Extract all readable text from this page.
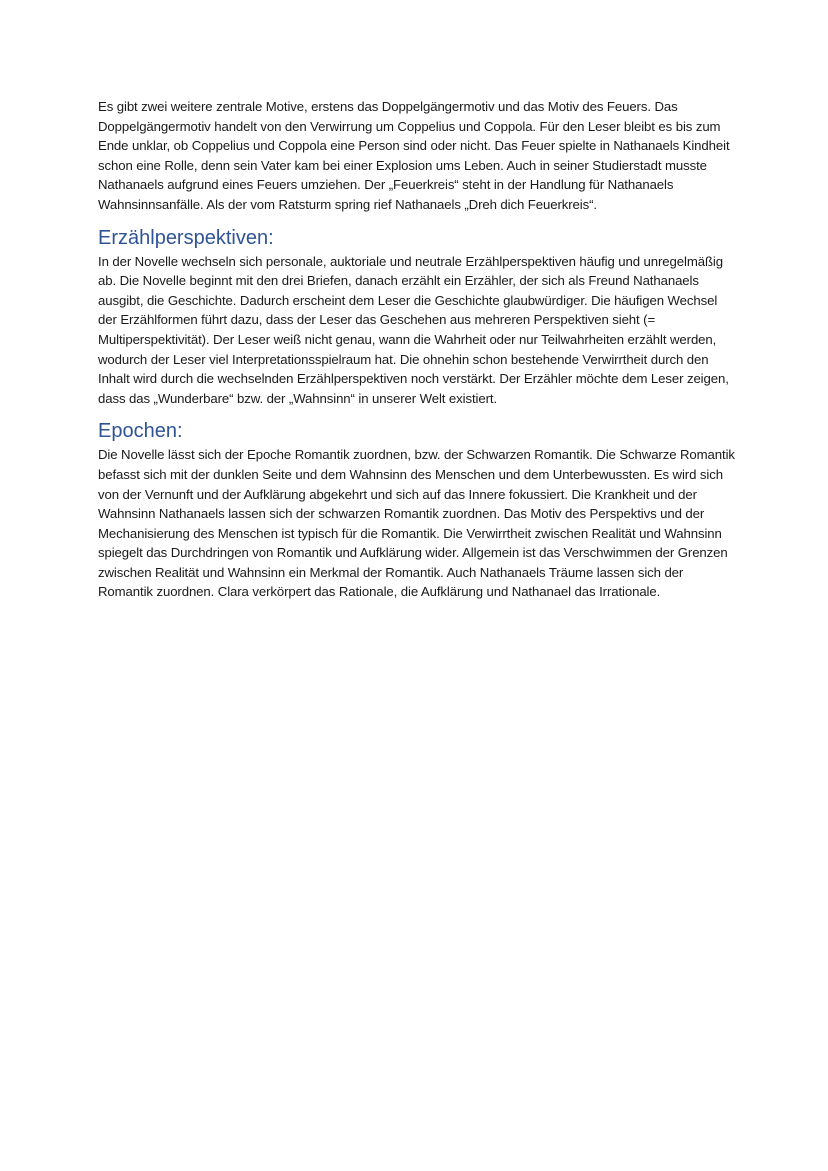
Es gibt zwei weitere zentrale Motive, erstens das Doppelgängermotiv und das Motiv des Feuers. Das Doppelgängermotiv handelt von den Verwirrung um Coppelius und Coppola. Für den Leser bleibt es bis zum Ende unklar, ob Coppelius und Coppola eine Person sind oder nicht. Das Feuer spielte in Nathanaels Kindheit schon eine Rolle, denn sein Vater kam bei einer Explosion ums Leben. Auch in seiner Studierstadt musste Nathanaels aufgrund eines Feuers umziehen. Der „Feuerkreis“ steht in der Handlung für Nathanaels Wahnsinnsanfälle. Als der vom Ratsturm spring rief Nathanaels „Dreh dich Feuerkreis“.

Erzählperspektiven:

In der Novelle wechseln sich personale, auktoriale und neutrale Erzählperspektiven häufig und unregelmäßig ab. Die Novelle beginnt mit den drei Briefen, danach erzählt ein Erzähler, der sich als Freund Nathanaels ausgibt, die Geschichte. Dadurch erscheint dem Leser die Geschichte glaubwürdiger. Die häufigen Wechsel der Erzählformen führt dazu, dass der Leser das Geschehen aus mehreren Perspektiven sieht (= Multiperspektivität). Der Leser weiß nicht genau, wann die Wahrheit oder nur Teilwahrheiten erzählt werden, wodurch der Leser viel Interpretationsspielraum hat. Die ohnehin schon bestehende Verwirrtheit durch den Inhalt wird durch die wechselnden Erzählperspektiven noch verstärkt. Der Erzähler möchte dem Leser zeigen, dass das „Wunderbare“ bzw. der „Wahnsinn“ in unserer Welt existiert.

Epochen:

Die Novelle lässt sich der Epoche Romantik zuordnen, bzw. der Schwarzen Romantik. Die Schwarze Romantik befasst sich mit der dunklen Seite und dem Wahnsinn des Menschen und dem Unterbewussten. Es wird sich von der Vernunft und der Aufklärung abgekehrt und sich auf das Innere fokussiert. Die Krankheit und der Wahnsinn Nathanaels lassen sich der schwarzen Romantik zuordnen. Das Motiv des Perspektivs und der Mechanisierung des Menschen ist typisch für die Romantik. Die Verwirrtheit zwischen Realität und Wahnsinn spiegelt das Durchdringen von Romantik und Aufklärung wider. Allgemein ist das Verschwimmen der Grenzen zwischen Realität und Wahnsinn ein Merkmal der Romantik. Auch Nathanaels Träume lassen sich der Romantik zuordnen. Clara verkörpert das Rationale, die Aufklärung und Nathanael das Irrationale.
